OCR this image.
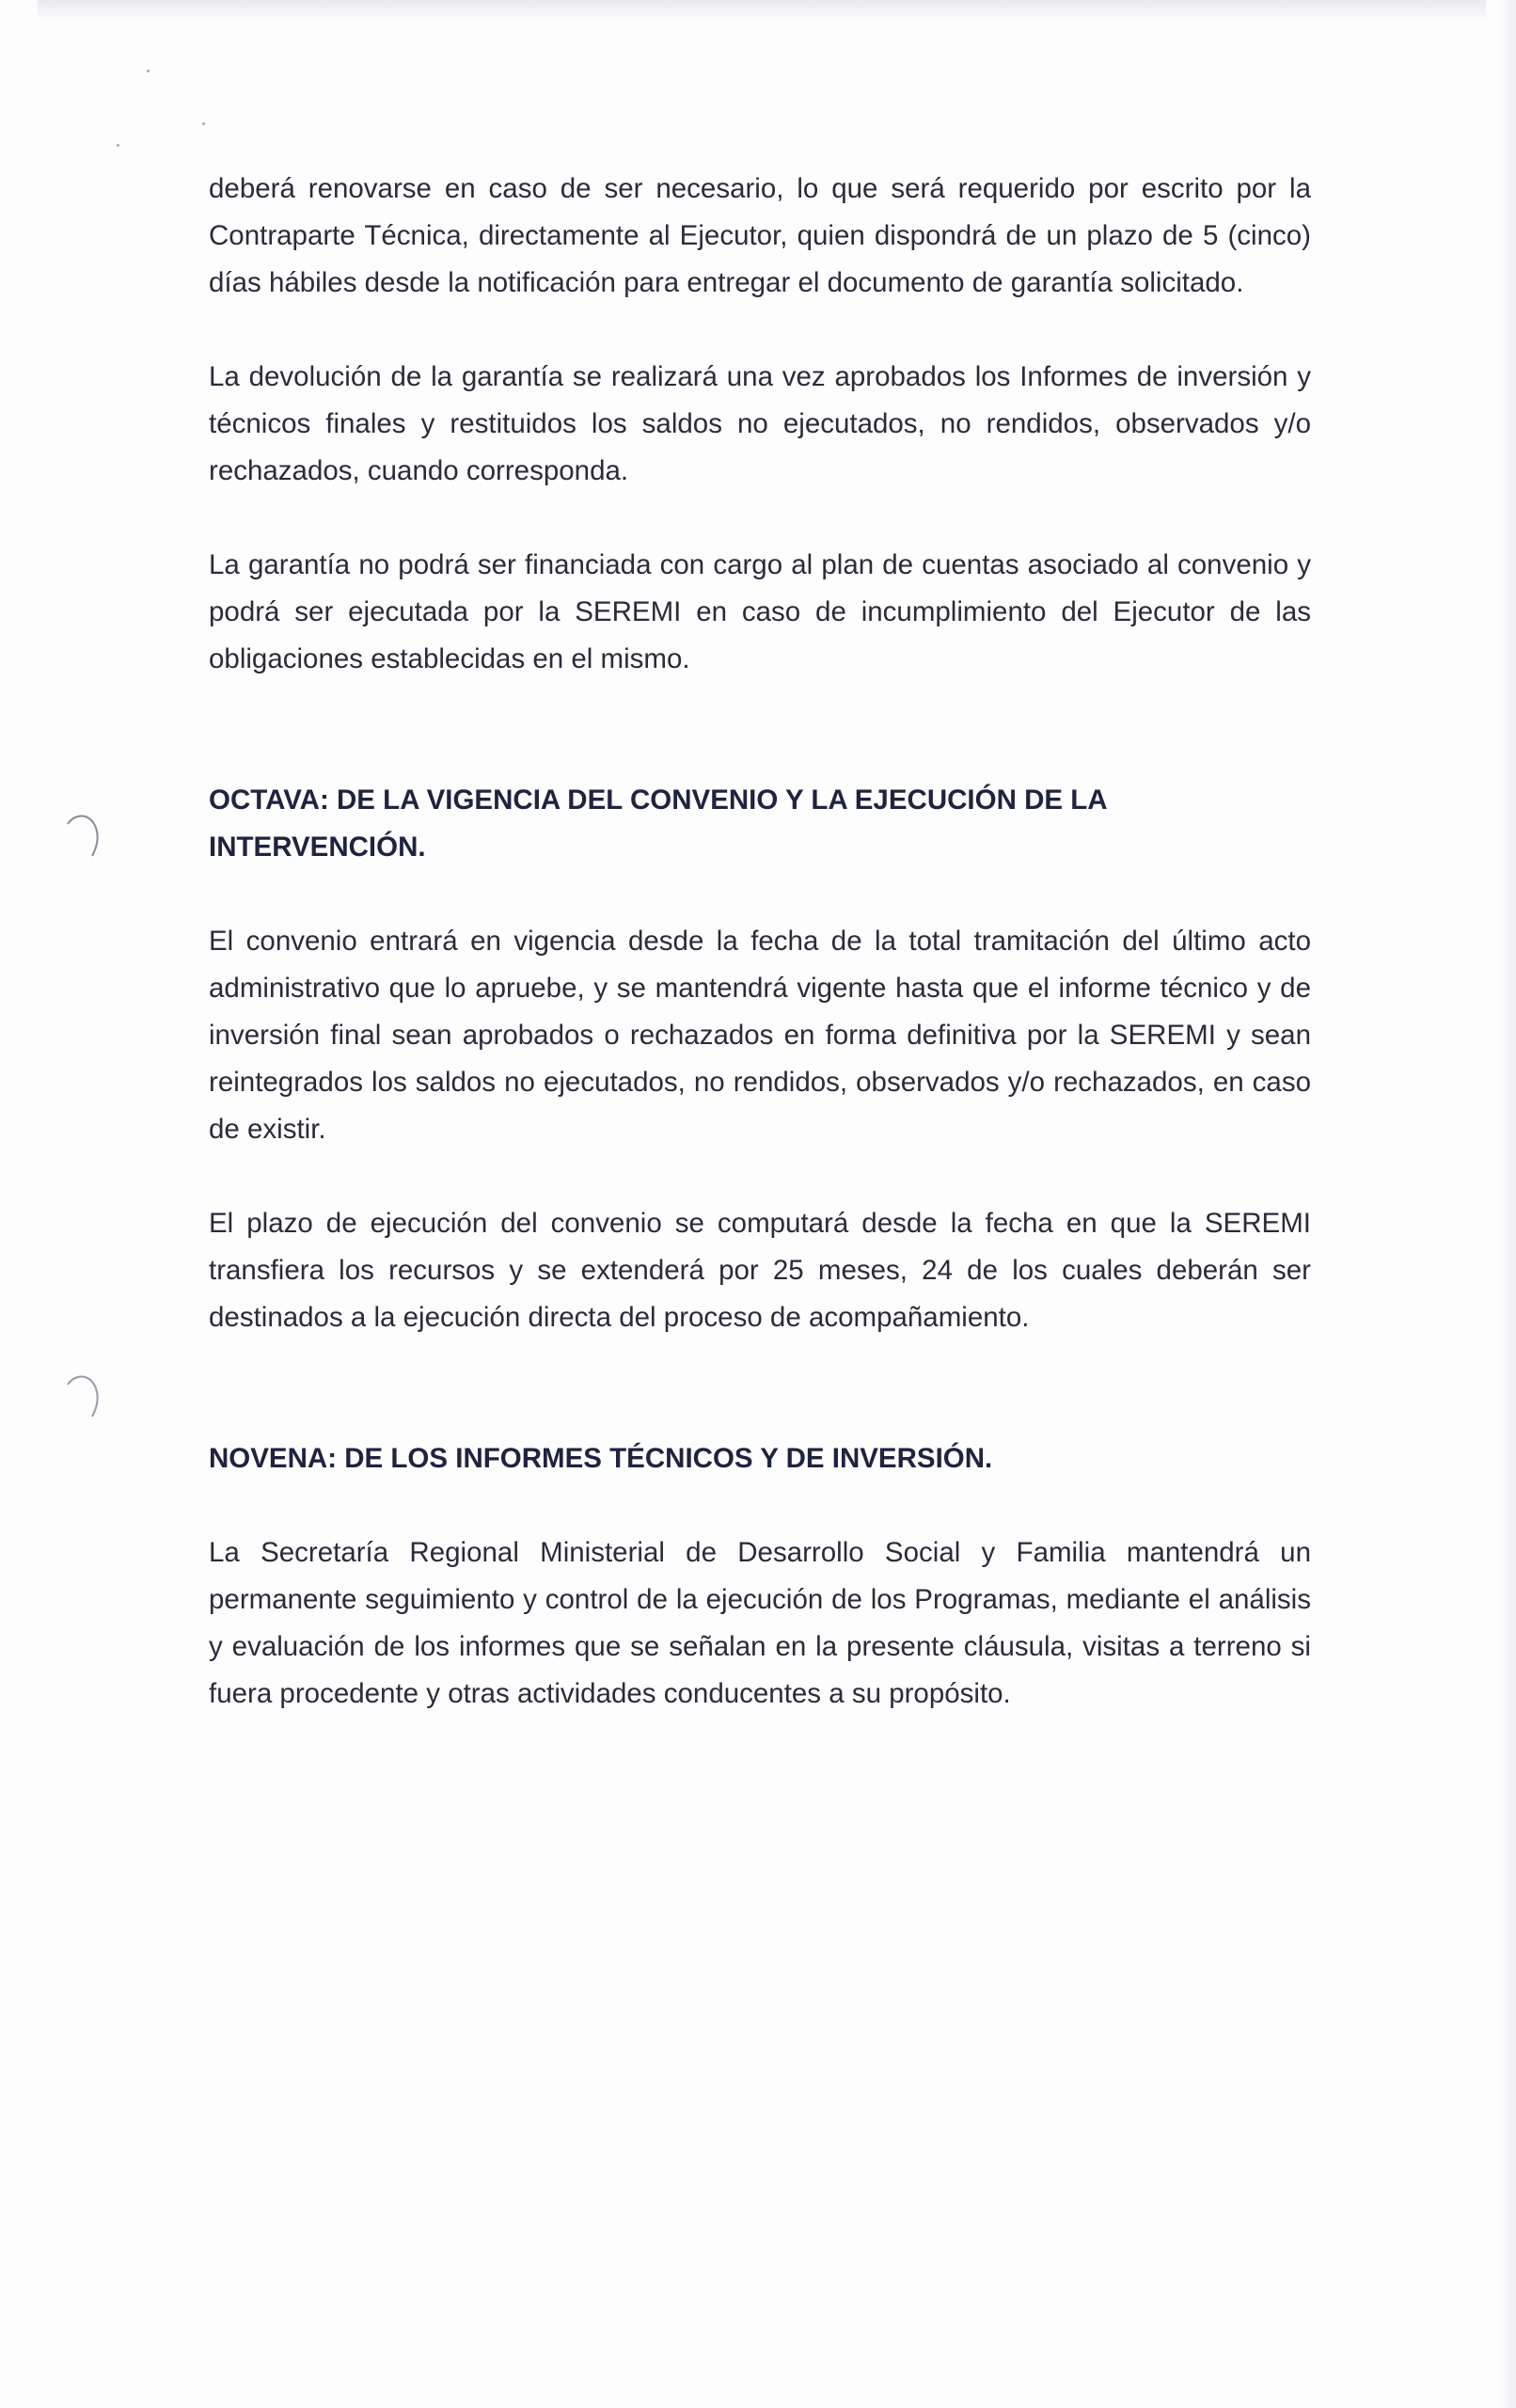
deberá renovarse en caso de ser necesario, lo que será requerido por escrito por la Contraparte Técnica, directamente al Ejecutor, quien dispondrá de un plazo de 5 (cinco) días hábiles desde la notificación para entregar el documento de garantía solicitado.

La devolución de la garantía se realizará una vez aprobados los Informes de inversión y técnicos finales y restituidos los saldos no ejecutados, no rendidos, observados y/o rechazados, cuando corresponda.

La garantía no podrá ser financiada con cargo al plan de cuentas asociado al convenio y podrá ser ejecutada por la SEREMI en caso de incumplimiento del Ejecutor de las obligaciones establecidas en el mismo.

OCTAVA: DE LA VIGENCIA DEL CONVENIO Y LA EJECUCIÓN DE LA INTERVENCIÓN.

El convenio entrará en vigencia desde la fecha de la total tramitación del último acto administrativo que lo apruebe, y se mantendrá vigente hasta que el informe técnico y de inversión final sean aprobados o rechazados en forma definitiva por la SEREMI y sean reintegrados los saldos no ejecutados, no rendidos, observados y/o rechazados, en caso de existir.

El plazo de ejecución del convenio se computará desde la fecha en que la SEREMI transfiera los recursos y se extenderá por 25 meses, 24 de los cuales deberán ser destinados a la ejecución directa del proceso de acompañamiento.

NOVENA: DE LOS INFORMES TÉCNICOS Y DE INVERSIÓN.

La Secretaría Regional Ministerial de Desarrollo Social y Familia mantendrá un permanente seguimiento y control de la ejecución de los Programas, mediante el análisis y evaluación de los informes que se señalan en la presente cláusula, visitas a terreno si fuera procedente y otras actividades conducentes a su propósito.
